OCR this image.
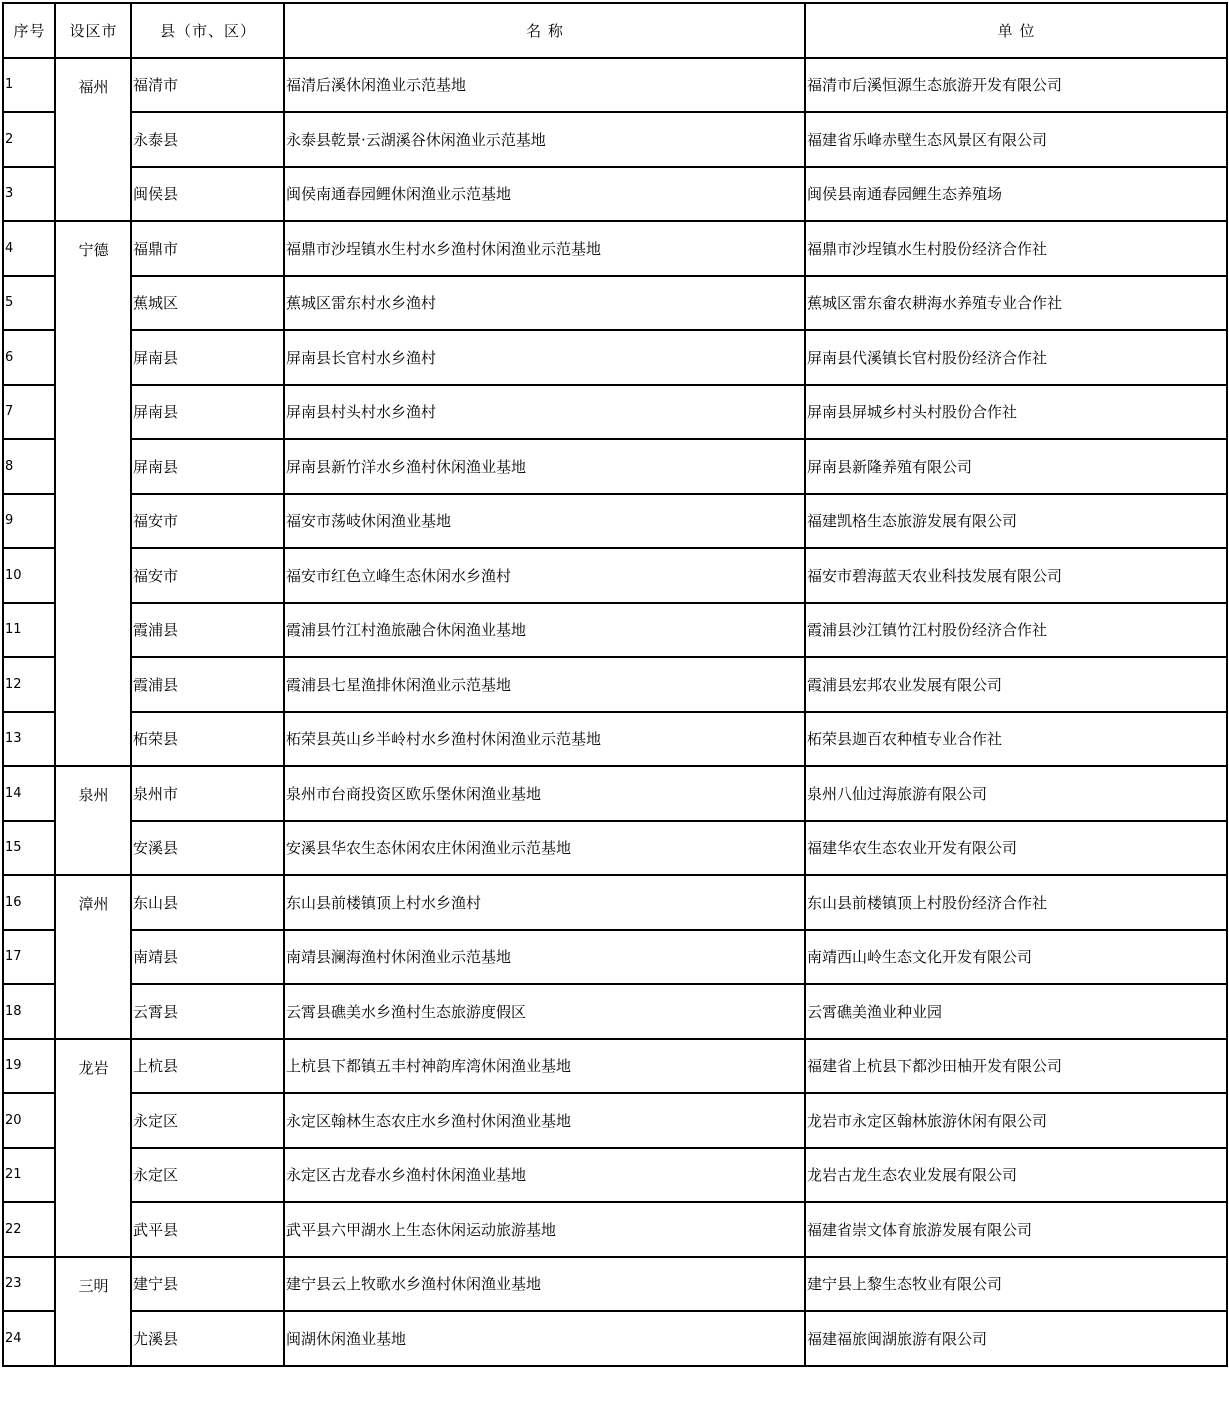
序号	设区市	县（市、区）	名 称	单 位
1	福州	福清市	福清后溪休闲渔业示范基地	福清市后溪恒源生态旅游开发有限公司
2		永泰县	永泰县乾景·云湖溪谷休闲渔业示范基地	福建省乐峰赤壁生态风景区有限公司
3		闽侯县	闽侯南通春园鲤休闲渔业示范基地	闽侯县南通春园鲤生态养殖场
4	宁德	福鼎市	福鼎市沙埕镇水生村水乡渔村休闲渔业示范基地	福鼎市沙埕镇水生村股份经济合作社
5		蕉城区	蕉城区雷东村水乡渔村	蕉城区雷东畲农耕海水养殖专业合作社
6		屏南县	屏南县长官村水乡渔村	屏南县代溪镇长官村股份经济合作社
7		屏南县	屏南县村头村水乡渔村	屏南县屏城乡村头村股份合作社
8		屏南县	屏南县新竹洋水乡渔村休闲渔业基地	屏南县新隆养殖有限公司
9		福安市	福安市荡岐休闲渔业基地	福建凯格生态旅游发展有限公司
10		福安市	福安市红色立峰生态休闲水乡渔村	福安市碧海蓝天农业科技发展有限公司
11		霞浦县	霞浦县竹江村渔旅融合休闲渔业基地	霞浦县沙江镇竹江村股份经济合作社
12		霞浦县	霞浦县七星渔排休闲渔业示范基地	霞浦县宏邦农业发展有限公司
13		柘荣县	柘荣县英山乡半岭村水乡渔村休闲渔业示范基地	柘荣县迦百农种植专业合作社
14	泉州	泉州市	泉州市台商投资区欧乐堡休闲渔业基地	泉州八仙过海旅游有限公司
15		安溪县	安溪县华农生态休闲农庄休闲渔业示范基地	福建华农生态农业开发有限公司
16	漳州	东山县	东山县前楼镇顶上村水乡渔村	东山县前楼镇顶上村股份经济合作社
17		南靖县	南靖县澜海渔村休闲渔业示范基地	南靖西山岭生态文化开发有限公司
18		云霄县	云霄县礁美水乡渔村生态旅游度假区	云霄礁美渔业种业园
19	龙岩	上杭县	上杭县下都镇五丰村神韵库湾休闲渔业基地	福建省上杭县下都沙田柚开发有限公司
20		永定区	永定区翰林生态农庄水乡渔村休闲渔业基地	龙岩市永定区翰林旅游休闲有限公司
21		永定区	永定区古龙春水乡渔村休闲渔业基地	龙岩古龙生态农业发展有限公司
22		武平县	武平县六甲湖水上生态休闲运动旅游基地	福建省崇文体育旅游发展有限公司
23	三明	建宁县	建宁县云上牧歌水乡渔村休闲渔业基地	建宁县上黎生态牧业有限公司
24		尤溪县	闽湖休闲渔业基地	福建福旅闽湖旅游有限公司
